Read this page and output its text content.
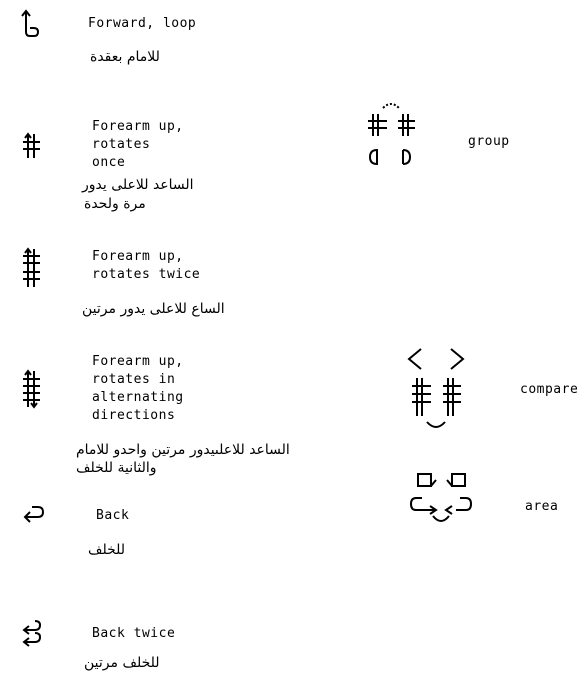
Forward, loop
للامام بعقدة
Forearm up,
rotates
once
الساعد للاعلى يدور
مرة ولحدة
Forearm up,
rotates twice
الساع للاعلى يدور مرتين
Forearm up,
rotates in
alternating
directions
الساعد للاعلىيدور مرتين واحدو للامام
والثانية للخلف
Back
للخلف
Back twice
للخلف مرتين
group
compare
area
